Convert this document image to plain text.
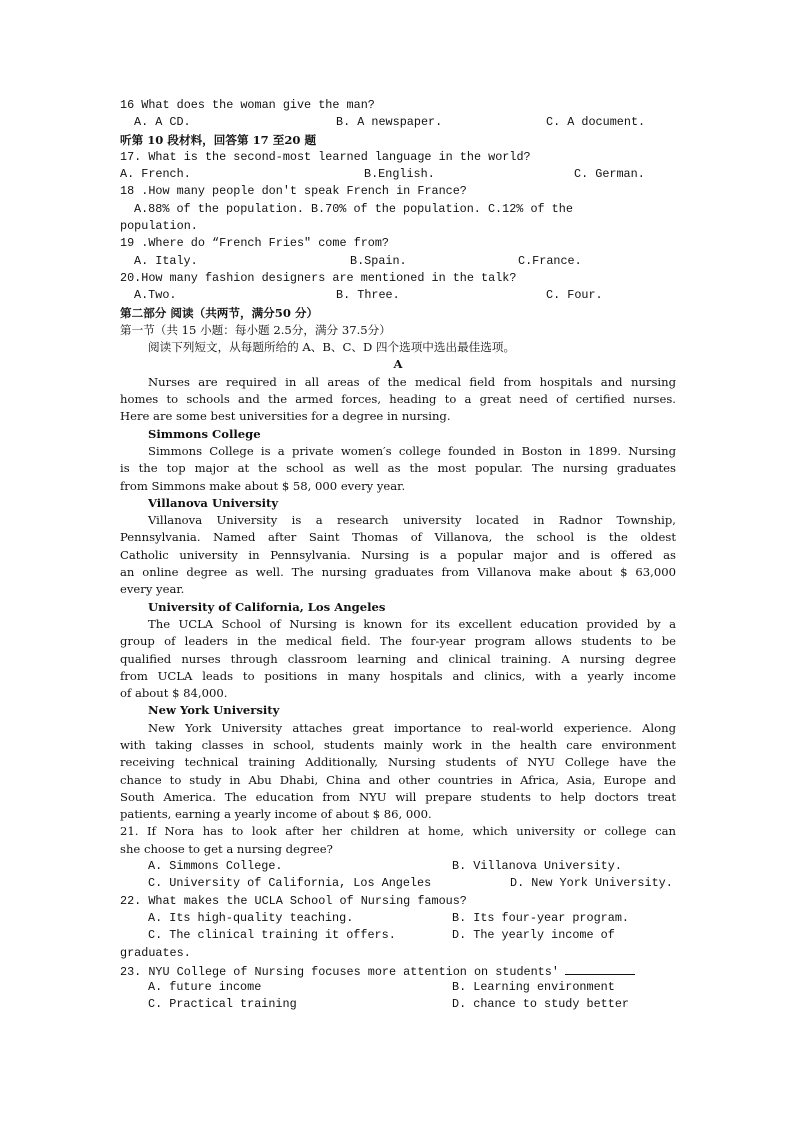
16 What does the woman give the man?
A. A CD.	B. A newspaper.	C. A document.
听第 10 段材料，回答第 17 至20 题
17. What is the second-most learned language in the world?
A. French.	B.English.	C. German.
18 .How many people don′t speak French in France?
A.88% of the population. B.70% of the population. C.12% of the
population.
19 .Where do “French Fries″ come from?
A. Italy.	B.Spain.	C.France.
20.How many fashion designers are mentioned in the talk?
A.Two.	B. Three.	C. Four.
第二部分 阅读（共两节，满分50 分）
第一节（共 15 小题：每小题 2.5分，满分 37.5分）
阅读下列短文，从每题所给的 A、B、C、D 四个选项中选出最佳选项。
A
Nurses are required in all areas of the medical field from hospitals and nursing
homes to schools and the armed forces, heading to a great need of certified nurses.
Here are some best universities for a degree in nursing.
Simmons College
Simmons College is a private women′s college founded in Boston in 1899. Nursing
is the top major at the school as well as the most popular. The nursing graduates
from Simmons make about $ 58, 000 every year.
Villanova University
Villanova University is a research university located in Radnor Township,
Pennsylvania. Named after Saint Thomas of Villanova, the school is the oldest
Catholic university in Pennsylvania. Nursing is a popular major and is offered as
an online degree as well. The nursing graduates from Villanova make about $ 63,000
every year.
University of California, Los Angeles
The UCLA School of Nursing is known for its excellent education provided by a
group of leaders in the medical field. The four-year program allows students to be
qualified nurses through classroom learning and clinical training. A nursing degree
from UCLA leads to positions in many hospitals and clinics, with a yearly income
of about $ 84,000.
New York University
New York University attaches great importance to real-world experience. Along
with taking classes in school, students mainly work in the health care environment
receiving technical training Additionally, Nursing students of NYU College have the
chance to study in Abu Dhabi, China and other countries in Africa, Asia, Europe and
South America. The education from NYU will prepare students to help doctors treat
patients, earning a yearly income of about $ 86, 000.
21. If Nora has to look after her children at home, which university or college can
she choose to get a nursing degree?
A. Simmons College.	B. Villanova University.
C. University of California, Los Angeles	D. New York University.
22. What makes the UCLA School of Nursing famous?
A. Its high-quality teaching.	B. Its four-year program.
C. The clinical training it offers.	D. The yearly income of
graduates.
23. NYU College of Nursing focuses more attention on students′
A. future income	B. Learning environment
C. Practical training	D. chance to study better
